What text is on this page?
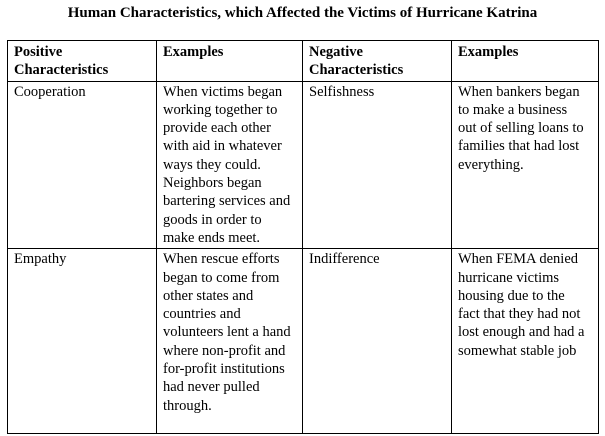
Human Characteristics, which Affected the Victims of Hurricane Katrina
Positive Characteristics	Examples	Negative Characteristics	Examples
Cooperation	When victims began working together to provide each other with aid in whatever ways they could. Neighbors began bartering services and goods in order to make ends meet.	Selfishness	When bankers began to make a business out of selling loans to families that had lost everything.
Empathy	When rescue efforts began to come from other states and countries and volunteers lent a hand where non-profit and for-profit institutions had never pulled through.	Indifference	When FEMA denied hurricane victims housing due to the fact that they had not lost enough and had a somewhat stable job
